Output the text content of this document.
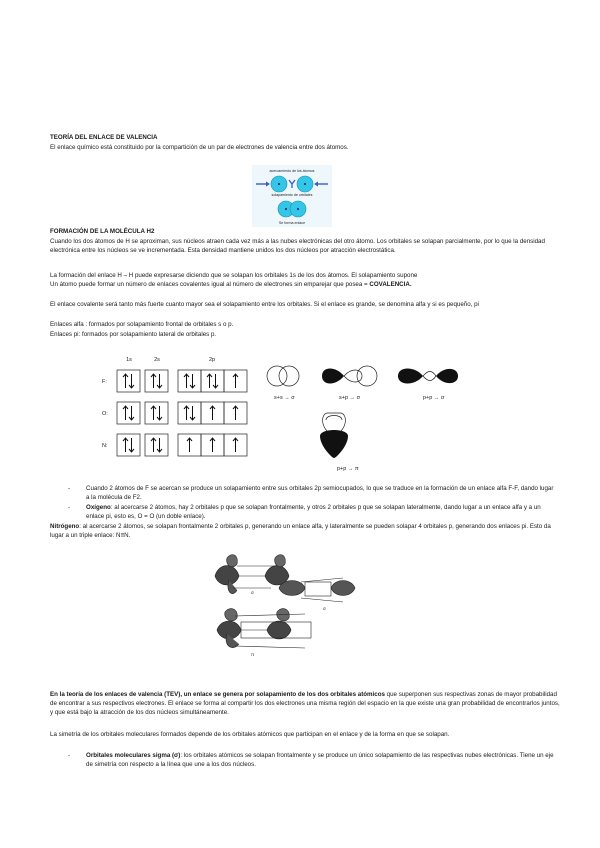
TEORÍA DEL ENLACE DE VALENCIA
El enlace químico está constituido por la compartición de un par de electrones de valencia entre dos átomos.
acercamiento de los átomos
solapamiento de orbitales
Se forma enlace
FORMACIÓN DE LA MOLÉCULA H2
Cuando los dos átomos de H se aproximan, sus núcleos atraen cada vez más a las nubes electrónicas del otro átomo. Los orbitales se solapan parcialmente, por lo que la densidad electrónica entre los núcleos se ve incrementada. Esta densidad mantiene unidos los dos núcleos por atracción electrostática.
La formación del enlace H – H puede expresarse diciendo que se solapan los orbitales 1s de los dos átomos. El solapamiento supone
Un átomo puede formar un número de enlaces covalentes igual al número de electrones sin emparejar que posea = COVALENCIA.
El enlace covalente será tanto más fuerte cuanto mayor sea el solapamiento entre los orbitales. Si el enlace es grande, se denomina alfa y si es pequeño, pi
Enlaces alfa : formados por solapamiento frontal de orbitales s o p.
Enlaces pi: formados por solapamiento lateral de orbitales p.
1s	2s	2p
F:
O:
N:
s+s → σ	s+p → σ	p+p → σ
p+p → π
-	Cuando 2 átomos de F se acercan se produce un solapamiento entre sus orbitales 2p semiocupados, lo que se traduce en la formación de un enlace alfa F-F, dando lugar a la molécula de F2.
-	Oxígeno: al acercarse 2 átomos, hay 2 orbitales p que se solapan frontalmente, y otros 2 orbitales p que se solapan lateralmente, dando lugar a un enlace alfa y a un enlace pi, esto es, O = O (un doble enlace).
Nitrógeno: al acercarse 2 átomos, se solapan frontalmente 2 orbitales p, generando un enlace alfa, y lateralmente se pueden solapar 4 orbitales p, generando dos enlaces pi. Esto da lugar a un triple enlace: N≡N.
σ
σ
π
En la teoría de los enlaces de valencia (TEV), un enlace se genera por solapamiento de los dos orbitales atómicos que superponen sus respectivas zonas de mayor probabilidad de encontrar a sus respectivos electrones. El enlace se forma al compartir los dos electrones una misma región del espacio en la que existe una gran probabilidad de encontrarlos juntos, y que está bajo la atracción de los dos núcleos simultáneamente.
La simetría de los orbitales moleculares formados depende de los orbitales atómicos que participan en el enlace y de la forma en que se solapan.
-	Orbitales moleculares sigma (σ): los orbitales atómicos se solapan frontalmente y se produce un único solapamiento de las respectivas nubes electrónicas. Tiene un eje de simetría con respecto a la línea que une a los dos núcleos.
